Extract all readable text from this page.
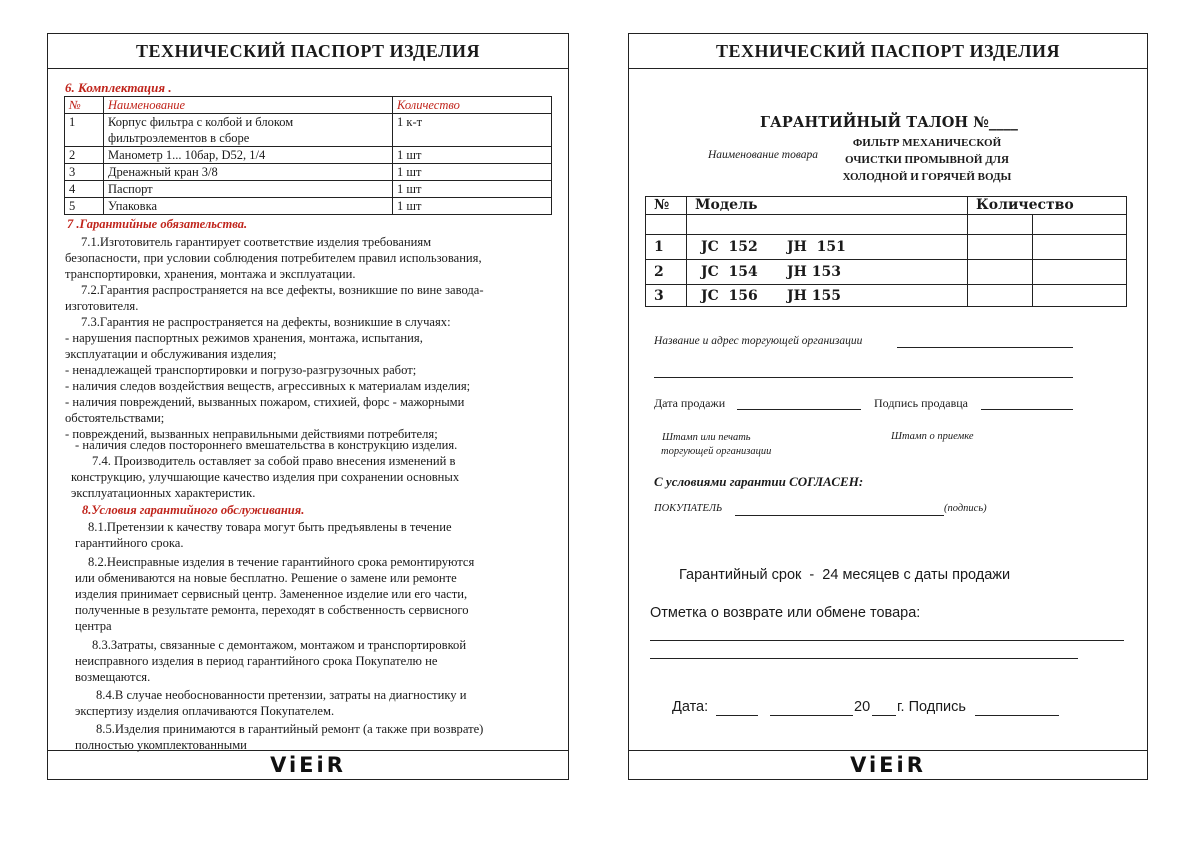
ТЕХНИЧЕСКИЙ ПАСПОРТ ИЗДЕЛИЯ
6. Комплектация .
№	Наименование	Количество
1	Корпус фильтра с колбой и блоком
фильтроэлементов в сборе	1 к-т
2	Манометр 1... 10бар, D52, 1/4	1 шт
3	Дренажный кран 3/8	1 шт
4	Паспорт	1 шт
5	Упаковка	1 шт
7 .Гарантийные обязательства.
7.1.Изготовитель гарантирует соответствие изделия требованиям
безопасности, при условии соблюдения потребителем правил использования,
транспортировки, хранения, монтажа и эксплуатации.
7.2.Гарантия распространяется на все дефекты, возникшие по вине завода-
изготовителя.
7.3.Гарантия не распространяется на дефекты, возникшие в случаях:
- нарушения паспортных режимов хранения, монтажа, испытания,
эксплуатации и обслуживания изделия;
- ненадлежащей транспортировки и погрузо-разгрузочных работ;
- наличия следов воздействия веществ, агрессивных к материалам изделия;
- наличия повреждений, вызванных пожаром, стихией, форс - мажорными
обстоятельствами;
- повреждений, вызванных неправильными действиями потребителя;
- наличия следов постороннего вмешательства в конструкцию изделия.
7.4. Производитель оставляет за собой право внесения изменений в
конструкцию, улучшающие качество изделия при сохранении основных
эксплуатационных характеристик.
8.Условия гарантийного обслуживания.
8.1.Претензии к качеству товара могут быть предъявлены в течение
гарантийного срока.
8.2.Неисправные изделия в течение гарантийного срока ремонтируются
или обмениваются на новые бесплатно. Решение о замене или ремонте
изделия принимает сервисный центр. Замененное изделие или его части,
полученные в результате ремонта, переходят в собственность сервисного
центра
8.3.Затраты, связанные с демонтажом, монтажом и транспортировкой
неисправного изделия в период гарантийного срока Покупателю не
возмещаются.
8.4.В случае необоснованности претензии, затраты на диагностику и
экспертизу изделия оплачиваются Покупателем.
8.5.Изделия принимаются в гарантийный ремонт (а также при возврате)
полностью укомплектованными
ViEiR
ТЕХНИЧЕСКИЙ ПАСПОРТ ИЗДЕЛИЯ
ГАРАНТИЙНЫЙ ТАЛОН №____
Наименование товара
ФИЛЬТР МЕХАНИЧЕСКОЙ
ОЧИСТКИ ПРОМЫВНОЙ ДЛЯ
ХОЛОДНОЙ И ГОРЯЧЕЙ ВОДЫ
№	Модель	Количество	

1	JC  152      JH  151		
2	JC  154      JH 153		
3	JC  156      JH 155		
Название и адрес торгующей организации
Дата продажи	Подпись продавца
Штамп или печать
торгующей организации
Штамп о приемке
С условиями гарантии СОГЛАСЕН:
ПОКУПАТЕЛЬ	(подпись)
Гарантийный срок  -  24 месяцев с даты продажи
Отметка о возврате или обмене товара:
Дата:	20 г. Подпись
ViEiR
